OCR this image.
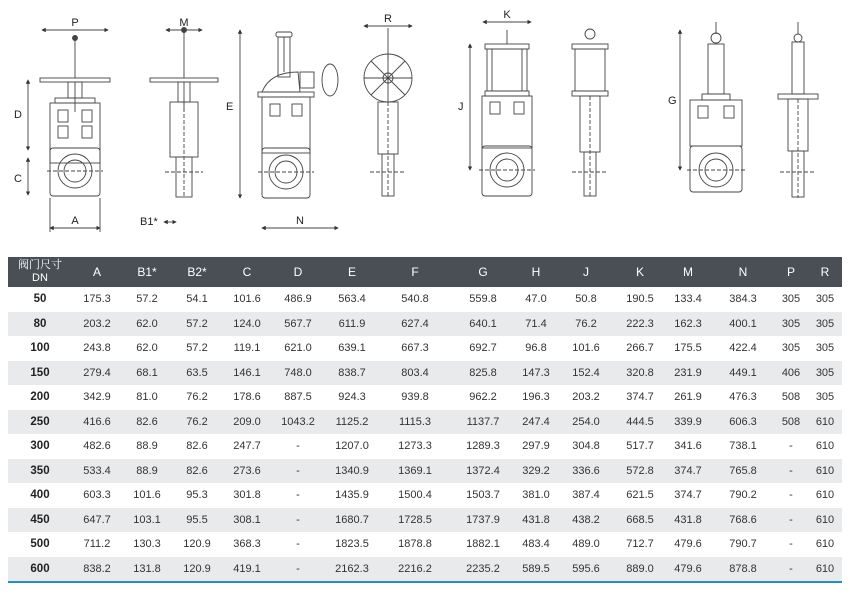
P
D
C
A
M
B1*
E
N
R	K
J	G
阀门尺寸
DN	A	B1*	B2*	C	D	E	F	G	H	J	K	M	N	P	R
50	175.3	57.2	54.1	101.6	486.9	563.4	540.8	559.8	47.0	50.8	190.5	133.4	384.3	305	305
80	203.2	62.0	57.2	124.0	567.7	611.9	627.4	640.1	71.4	76.2	222.3	162.3	400.1	305	305
100	243.8	62.0	57.2	119.1	621.0	639.1	667.3	692.7	96.8	101.6	266.7	175.5	422.4	305	305
150	279.4	68.1	63.5	146.1	748.0	838.7	803.4	825.8	147.3	152.4	320.8	231.9	449.1	406	305
200	342.9	81.0	76.2	178.6	887.5	924.3	939.8	962.2	196.3	203.2	374.7	261.9	476.3	508	305
250	416.6	82.6	76.2	209.0	1043.2	1125.2	1115.3	1137.7	247.4	254.0	444.5	339.9	606.3	508	610
300	482.6	88.9	82.6	247.7	-	1207.0	1273.3	1289.3	297.9	304.8	517.7	341.6	738.1	-	610
350	533.4	88.9	82.6	273.6	-	1340.9	1369.1	1372.4	329.2	336.6	572.8	374.7	765.8	-	610
400	603.3	101.6	95.3	301.8	-	1435.9	1500.4	1503.7	381.0	387.4	621.5	374.7	790.2	-	610
450	647.7	103.1	95.5	308.1	-	1680.7	1728.5	1737.9	431.8	438.2	668.5	431.8	768.6	-	610
500	711.2	130.3	120.9	368.3	-	1823.5	1878.8	1882.1	483.4	489.0	712.7	479.6	790.7	-	610
600	838.2	131.8	120.9	419.1	-	2162.3	2216.2	2235.2	589.5	595.6	889.0	479.6	878.8	-	610
